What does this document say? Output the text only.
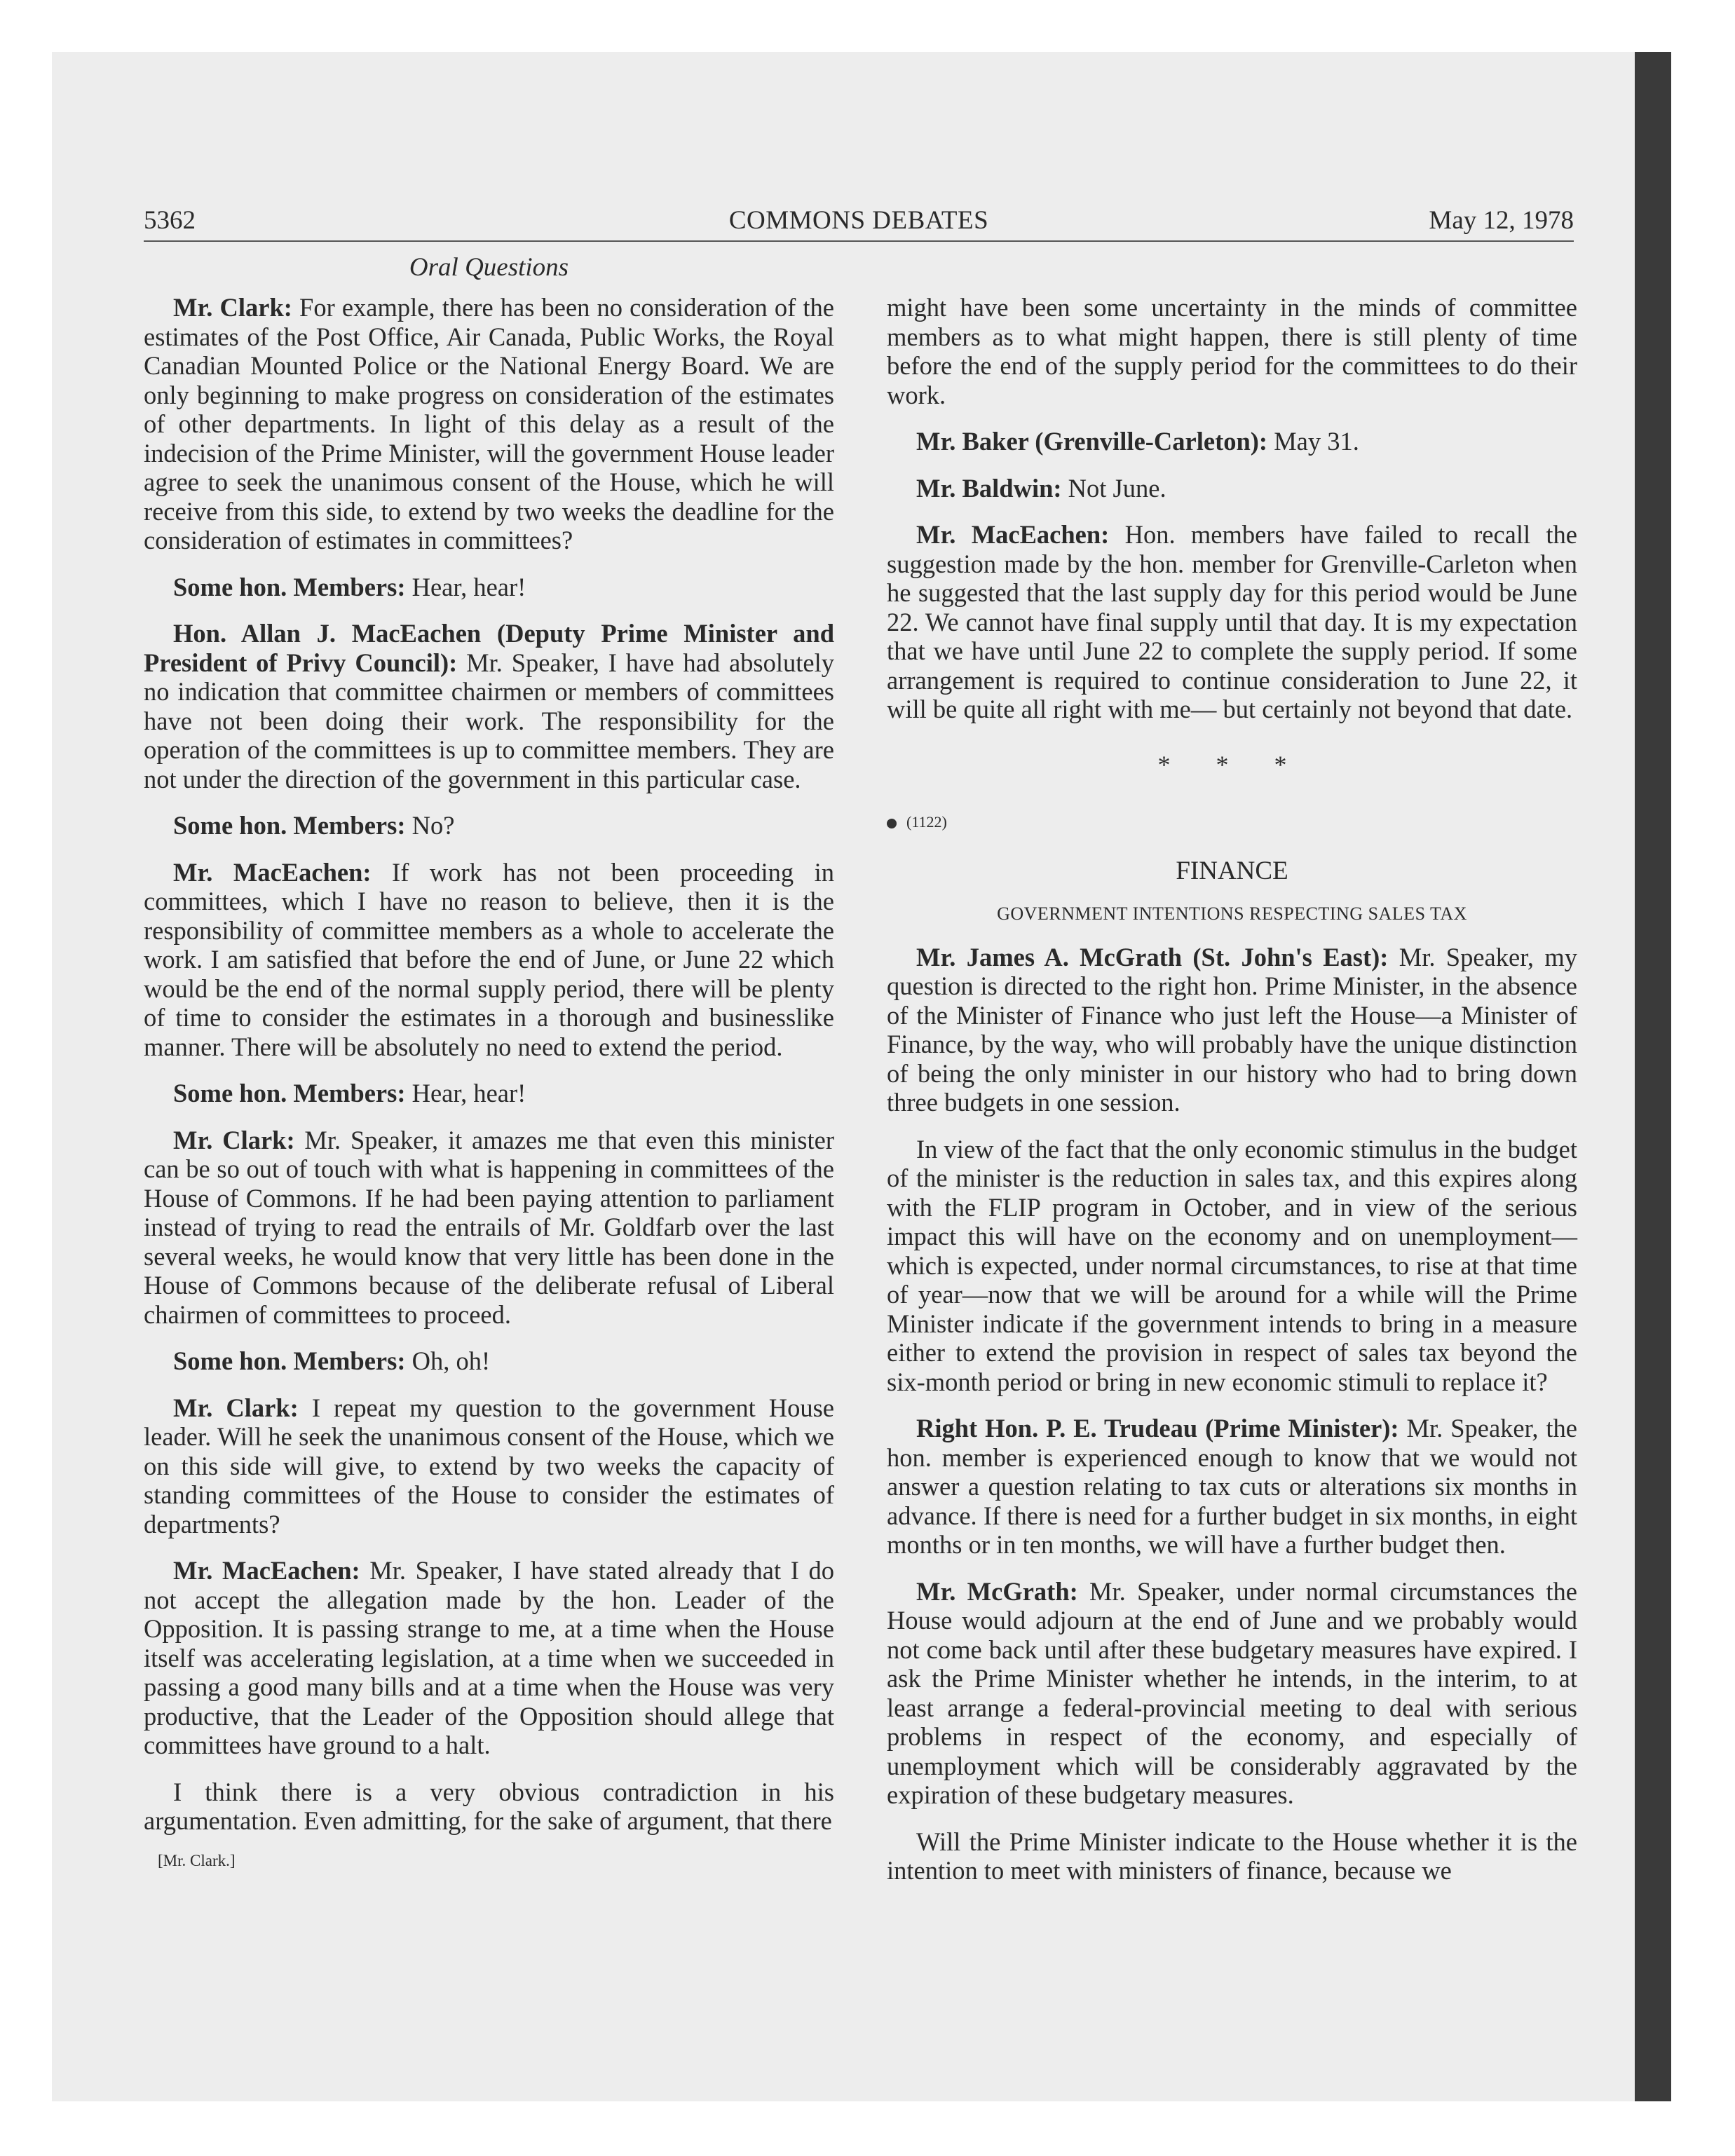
5362	COMMONS DEBATES	May 12, 1978
Oral Questions

Mr. Clark: For example, there has been no consideration of the estimates of the Post Office, Air Canada, Public Works, the Royal Canadian Mounted Police or the National Energy Board. We are only beginning to make progress on consideration of the estimates of other departments. In light of this delay as a result of the indecision of the Prime Minister, will the government House leader agree to seek the unanimous consent of the House, which he will receive from this side, to extend by two weeks the deadline for the consideration of estimates in committees?

Some hon. Members: Hear, hear!

Hon. Allan J. MacEachen (Deputy Prime Minister and President of Privy Council): Mr. Speaker, I have had absolutely no indication that committee chairmen or members of committees have not been doing their work. The responsibility for the operation of the committees is up to committee members. They are not under the direction of the government in this particular case.

Some hon. Members: No?

Mr. MacEachen: If work has not been proceeding in committees, which I have no reason to believe, then it is the responsibility of committee members as a whole to accelerate the work. I am satisfied that before the end of June, or June 22 which would be the end of the normal supply period, there will be plenty of time to consider the estimates in a thorough and businesslike manner. There will be absolutely no need to extend the period.

Some hon. Members: Hear, hear!

Mr. Clark: Mr. Speaker, it amazes me that even this minister can be so out of touch with what is happening in committees of the House of Commons. If he had been paying attention to parliament instead of trying to read the entrails of Mr. Goldfarb over the last several weeks, he would know that very little has been done in the House of Commons because of the deliberate refusal of Liberal chairmen of committees to proceed.

Some hon. Members: Oh, oh!

Mr. Clark: I repeat my question to the government House leader. Will he seek the unanimous consent of the House, which we on this side will give, to extend by two weeks the capacity of standing committees of the House to consider the estimates of departments?

Mr. MacEachen: Mr. Speaker, I have stated already that I do not accept the allegation made by the hon. Leader of the Opposition. It is passing strange to me, at a time when the House itself was accelerating legislation, at a time when we succeeded in passing a good many bills and at a time when the House was very productive, that the Leader of the Opposition should allege that committees have ground to a halt.

I think there is a very obvious contradiction in his argumentation. Even admitting, for the sake of argument, that there

[Mr. Clark.]

might have been some uncertainty in the minds of committee members as to what might happen, there is still plenty of time before the end of the supply period for the committees to do their work.

Mr. Baker (Grenville-Carleton): May 31.

Mr. Baldwin: Not June.

Mr. MacEachen: Hon. members have failed to recall the suggestion made by the hon. member for Grenville-Carleton when he suggested that the last supply day for this period would be June 22. We cannot have final supply until that day. It is my expectation that we have until June 22 to complete the supply period. If some arrangement is required to continue consideration to June 22, it will be quite all right with me— but certainly not beyond that date.

* * *
(1122)
FINANCE
GOVERNMENT INTENTIONS RESPECTING SALES TAX

Mr. James A. McGrath (St. John's East): Mr. Speaker, my question is directed to the right hon. Prime Minister, in the absence of the Minister of Finance who just left the House—a Minister of Finance, by the way, who will probably have the unique distinction of being the only minister in our history who had to bring down three budgets in one session.

In view of the fact that the only economic stimulus in the budget of the minister is the reduction in sales tax, and this expires along with the FLIP program in October, and in view of the serious impact this will have on the economy and on unemployment—which is expected, under normal circumstances, to rise at that time of year—now that we will be around for a while will the Prime Minister indicate if the government intends to bring in a measure either to extend the provision in respect of sales tax beyond the six-month period or bring in new economic stimuli to replace it?

Right Hon. P. E. Trudeau (Prime Minister): Mr. Speaker, the hon. member is experienced enough to know that we would not answer a question relating to tax cuts or alterations six months in advance. If there is need for a further budget in six months, in eight months or in ten months, we will have a further budget then.

Mr. McGrath: Mr. Speaker, under normal circumstances the House would adjourn at the end of June and we probably would not come back until after these budgetary measures have expired. I ask the Prime Minister whether he intends, in the interim, to at least arrange a federal-provincial meeting to deal with serious problems in respect of the economy, and especially of unemployment which will be considerably aggravated by the expiration of these budgetary measures.

Will the Prime Minister indicate to the House whether it is the intention to meet with ministers of finance, because we
